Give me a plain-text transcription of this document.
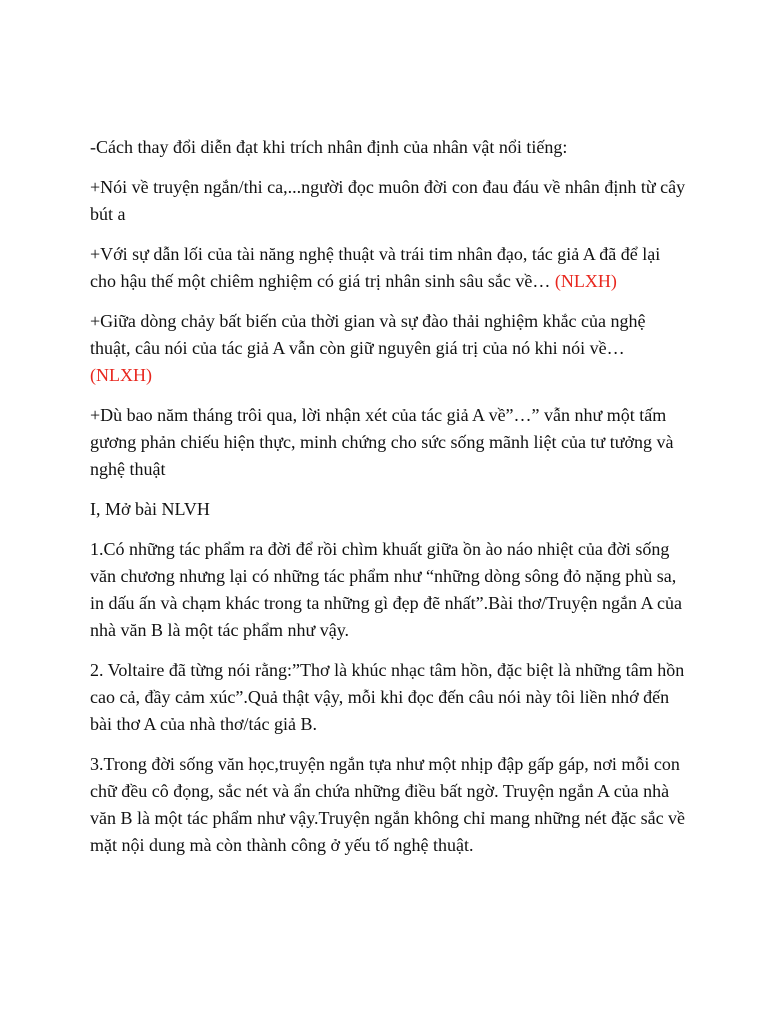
-Cách thay đổi diễn đạt khi trích nhân định của nhân vật nổi tiếng:

+Nói về truyện ngắn/thi ca,...người đọc muôn đời con đau đáu về nhân định từ cây bút a

+Với sự dẫn lối của tài năng nghệ thuật và trái tim nhân đạo, tác giả A đã để lại cho hậu thế một chiêm nghiệm có giá trị nhân sinh sâu sắc về… (NLXH)

+Giữa dòng chảy bất biến của thời gian và sự đào thải nghiệm khắc của nghệ thuật, câu nói của tác giả A vẫn còn giữ nguyên giá trị của nó khi nói về… (NLXH)

+Dù bao năm tháng trôi qua, lời nhận xét của tác giả A về”…” vẫn như một tấm gương phản chiếu hiện thực, minh chứng cho sức sống mãnh liệt của tư tưởng và nghệ thuật

I, Mở bài NLVH

1.Có những tác phẩm ra đời để rồi chìm khuất giữa ồn ào náo nhiệt của đời sống văn chương nhưng lại có những tác phẩm như “những dòng sông đỏ nặng phù sa, in dấu ấn và chạm khác trong ta những gì đẹp đẽ nhất”.Bài thơ/Truyện ngắn A của nhà văn B là một tác phẩm như vậy.

2. Voltaire đã từng nói rằng:”Thơ là khúc nhạc tâm hồn, đặc biệt là những tâm hồn cao cả, đầy cảm xúc”.Quả thật vậy, mỗi khi đọc đến câu nói này tôi liền nhớ đến bài thơ A của nhà thơ/tác giả B.

3.Trong đời sống văn học,truyện ngắn tựa như một nhịp đập gấp gáp, nơi mỗi con chữ đều cô đọng, sắc nét và ẩn chứa những điều bất ngờ. Truyện ngắn A của nhà văn B là một tác phẩm như vậy.Truyện ngắn không chỉ mang những nét đặc sắc về mặt nội dung mà còn thành công ở yếu tố nghệ thuật.
